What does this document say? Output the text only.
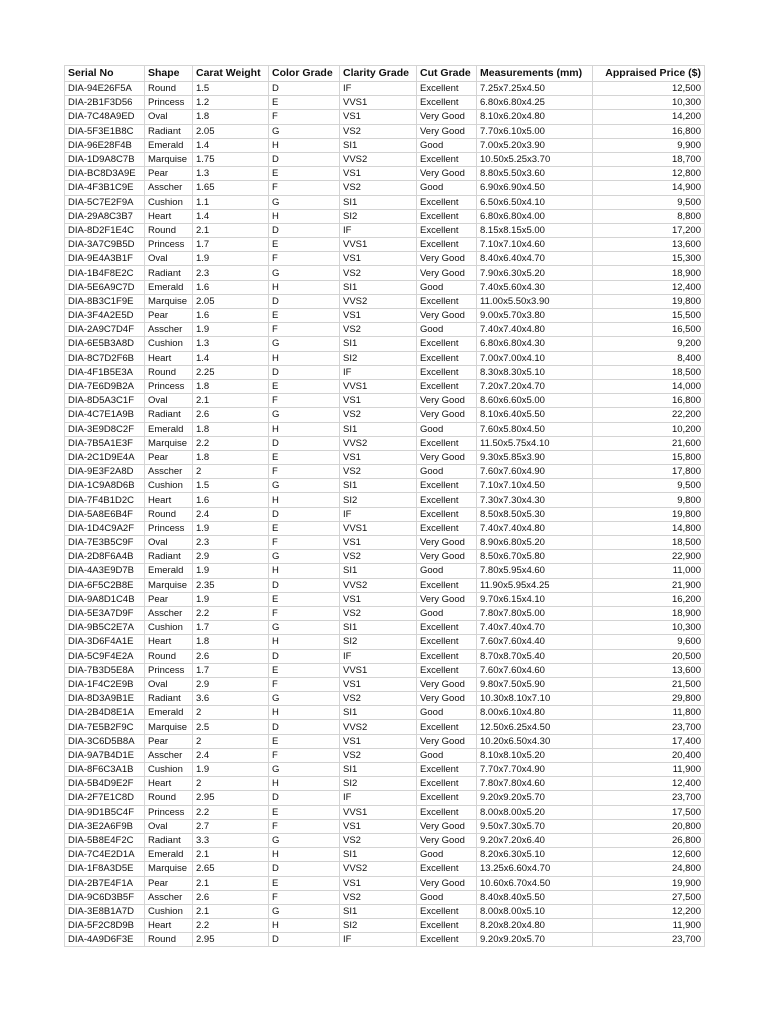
Serial No	Shape	Carat Weight	Color Grade	Clarity Grade	Cut Grade	Measurements (mm)	Appraised Price ($)
DIA-94E26F5A	Round	1.5	D	IF	Excellent	7.25x7.25x4.50	12,500
DIA-2B1F3D56	Princess	1.2	E	VVS1	Excellent	6.80x6.80x4.25	10,300
DIA-7C48A9ED	Oval	1.8	F	VS1	Very Good	8.10x6.20x4.80	14,200
DIA-5F3E1B8C	Radiant	2.05	G	VS2	Very Good	7.70x6.10x5.00	16,800
DIA-96E28F4B	Emerald	1.4	H	SI1	Good	7.00x5.20x3.90	9,900
DIA-1D9A8C7B	Marquise	1.75	D	VVS2	Excellent	10.50x5.25x3.70	18,700
DIA-BC8D3A9E	Pear	1.3	E	VS1	Very Good	8.80x5.50x3.60	12,800
DIA-4F3B1C9E	Asscher	1.65	F	VS2	Good	6.90x6.90x4.50	14,900
DIA-5C7E2F9A	Cushion	1.1	G	SI1	Excellent	6.50x6.50x4.10	9,500
DIA-29A8C3B7	Heart	1.4	H	SI2	Excellent	6.80x6.80x4.00	8,800
DIA-8D2F1E4C	Round	2.1	D	IF	Excellent	8.15x8.15x5.00	17,200
DIA-3A7C9B5D	Princess	1.7	E	VVS1	Excellent	7.10x7.10x4.60	13,600
DIA-9E4A3B1F	Oval	1.9	F	VS1	Very Good	8.40x6.40x4.70	15,300
DIA-1B4F8E2C	Radiant	2.3	G	VS2	Very Good	7.90x6.30x5.20	18,900
DIA-5E6A9C7D	Emerald	1.6	H	SI1	Good	7.40x5.60x4.30	12,400
DIA-8B3C1F9E	Marquise	2.05	D	VVS2	Excellent	11.00x5.50x3.90	19,800
DIA-3F4A2E5D	Pear	1.6	E	VS1	Very Good	9.00x5.70x3.80	15,500
DIA-2A9C7D4F	Asscher	1.9	F	VS2	Good	7.40x7.40x4.80	16,500
DIA-6E5B3A8D	Cushion	1.3	G	SI1	Excellent	6.80x6.80x4.30	9,200
DIA-8C7D2F6B	Heart	1.4	H	SI2	Excellent	7.00x7.00x4.10	8,400
DIA-4F1B5E3A	Round	2.25	D	IF	Excellent	8.30x8.30x5.10	18,500
DIA-7E6D9B2A	Princess	1.8	E	VVS1	Excellent	7.20x7.20x4.70	14,000
DIA-8D5A3C1F	Oval	2.1	F	VS1	Very Good	8.60x6.60x5.00	16,800
DIA-4C7E1A9B	Radiant	2.6	G	VS2	Very Good	8.10x6.40x5.50	22,200
DIA-3E9D8C2F	Emerald	1.8	H	SI1	Good	7.60x5.80x4.50	10,200
DIA-7B5A1E3F	Marquise	2.2	D	VVS2	Excellent	11.50x5.75x4.10	21,600
DIA-2C1D9E4A	Pear	1.8	E	VS1	Very Good	9.30x5.85x3.90	15,800
DIA-9E3F2A8D	Asscher	2	F	VS2	Good	7.60x7.60x4.90	17,800
DIA-1C9A8D6B	Cushion	1.5	G	SI1	Excellent	7.10x7.10x4.50	9,500
DIA-7F4B1D2C	Heart	1.6	H	SI2	Excellent	7.30x7.30x4.30	9,800
DIA-5A8E6B4F	Round	2.4	D	IF	Excellent	8.50x8.50x5.30	19,800
DIA-1D4C9A2F	Princess	1.9	E	VVS1	Excellent	7.40x7.40x4.80	14,800
DIA-7E3B5C9F	Oval	2.3	F	VS1	Very Good	8.90x6.80x5.20	18,500
DIA-2D8F6A4B	Radiant	2.9	G	VS2	Very Good	8.50x6.70x5.80	22,900
DIA-4A3E9D7B	Emerald	1.9	H	SI1	Good	7.80x5.95x4.60	11,000
DIA-6F5C2B8E	Marquise	2.35	D	VVS2	Excellent	11.90x5.95x4.25	21,900
DIA-9A8D1C4B	Pear	1.9	E	VS1	Very Good	9.70x6.15x4.10	16,200
DIA-5E3A7D9F	Asscher	2.2	F	VS2	Good	7.80x7.80x5.00	18,900
DIA-9B5C2E7A	Cushion	1.7	G	SI1	Excellent	7.40x7.40x4.70	10,300
DIA-3D6F4A1E	Heart	1.8	H	SI2	Excellent	7.60x7.60x4.40	9,600
DIA-5C9F4E2A	Round	2.6	D	IF	Excellent	8.70x8.70x5.40	20,500
DIA-7B3D5E8A	Princess	1.7	E	VVS1	Excellent	7.60x7.60x4.60	13,600
DIA-1F4C2E9B	Oval	2.9	F	VS1	Very Good	9.80x7.50x5.90	21,500
DIA-8D3A9B1E	Radiant	3.6	G	VS2	Very Good	10.30x8.10x7.10	29,800
DIA-2B4D8E1A	Emerald	2	H	SI1	Good	8.00x6.10x4.80	11,800
DIA-7E5B2F9C	Marquise	2.5	D	VVS2	Excellent	12.50x6.25x4.50	23,700
DIA-3C6D5B8A	Pear	2	E	VS1	Very Good	10.20x6.50x4.30	17,400
DIA-9A7B4D1E	Asscher	2.4	F	VS2	Good	8.10x8.10x5.20	20,400
DIA-8F6C3A1B	Cushion	1.9	G	SI1	Excellent	7.70x7.70x4.90	11,900
DIA-5B4D9E2F	Heart	2	H	SI2	Excellent	7.80x7.80x4.60	12,400
DIA-2F7E1C8D	Round	2.95	D	IF	Excellent	9.20x9.20x5.70	23,700
DIA-9D1B5C4F	Princess	2.2	E	VVS1	Excellent	8.00x8.00x5.20	17,500
DIA-3E2A6F9B	Oval	2.7	F	VS1	Very Good	9.50x7.30x5.70	20,800
DIA-5B8E4F2C	Radiant	3.3	G	VS2	Very Good	9.20x7.20x6.40	26,800
DIA-7C4E2D1A	Emerald	2.1	H	SI1	Good	8.20x6.30x5.10	12,600
DIA-1F8A3D5E	Marquise	2.65	D	VVS2	Excellent	13.25x6.60x4.70	24,800
DIA-2B7E4F1A	Pear	2.1	E	VS1	Very Good	10.60x6.70x4.50	19,900
DIA-9C6D3B5F	Asscher	2.6	F	VS2	Good	8.40x8.40x5.50	27,500
DIA-3E8B1A7D	Cushion	2.1	G	SI1	Excellent	8.00x8.00x5.10	12,200
DIA-5F2C8D9B	Heart	2.2	H	SI2	Excellent	8.20x8.20x4.80	11,900
DIA-4A9D6F3E	Round	2.95	D	IF	Excellent	9.20x9.20x5.70	23,700
